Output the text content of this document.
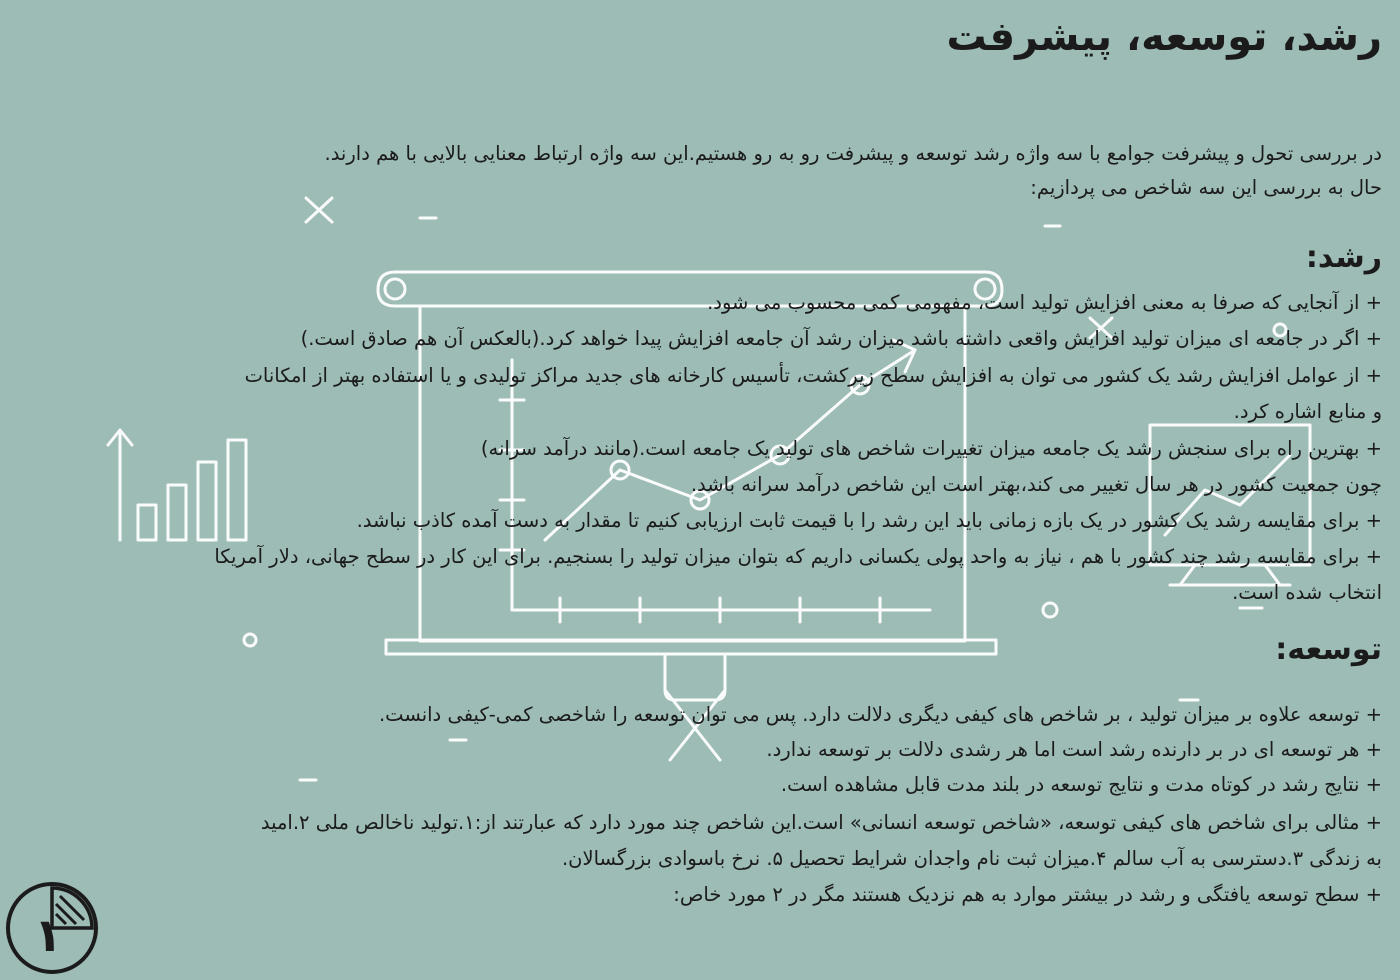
رشد، توسعه، پیشرفت
در بررسی تحول و پیشرفت جوامع با سه واژه رشد توسعه و پیشرفت رو به رو هستیم.این سه واژه ارتباط معنایی بالایی با هم دارند.
حال به بررسی این سه شاخص می پردازیم:
رشد:
+ از آنجایی که صرفا به معنی افزایش تولید است، مفهومی کمی محسوب می شود.
+ اگر در جامعه ای میزان تولید افزایش واقعی داشته باشد میزان رشد آن جامعه افزایش پیدا خواهد کرد.(بالعکس آن هم صادق است.)
+ از عوامل افزایش رشد یک کشور می توان به افزایش سطح زیرکشت، تأسیس کارخانه های جدید مراکز تولیدی و یا استفاده بهتر از امکانات
و منابع اشاره کرد.
+ بهترین راه برای سنجش رشد یک جامعه میزان تغییرات شاخص های تولید یک جامعه است.(مانند درآمد سرانه)
چون جمعیت کشور در هر سال تغییر می کند،بهتر است این شاخص درآمد سرانه باشد.
+ برای مقایسه رشد یک کشور در یک بازه زمانی باید این رشد را با قیمت ثابت ارزیابی کنیم تا مقدار به دست آمده کاذب نباشد.
+ برای مقایسه رشد چند کشور با هم ، نیاز به واحد پولی یکسانی داریم که بتوان میزان تولید را بسنجیم. برای این کار در سطح جهانی، دلار آمریکا
انتخاب شده است.
توسعه:
+ توسعه علاوه بر میزان تولید ، بر شاخص های کیفی دیگری دلالت دارد. پس می توان توسعه را شاخصی کمی-کیفی دانست.
+ هر توسعه ای در بر دارنده رشد است اما هر رشدی دلالت بر توسعه ندارد.
+ نتایج رشد در کوتاه مدت و نتایج توسعه در بلند مدت قابل مشاهده است.
+ مثالی برای شاخص های کیفی توسعه، «شاخص توسعه انسانی» است.این شاخص چند مورد دارد که عبارتند از:۱.تولید ناخالص ملی ۲.امید
به زندگی ۳.دسترسی به آب سالم ۴.میزان ثبت نام واجدان شرایط تحصیل ۵. نرخ باسوادی بزرگسالان.
+ سطح توسعه یافتگی و رشد در بیشتر موارد به هم نزدیک هستند مگر در ۲ مورد خاص:
۱
